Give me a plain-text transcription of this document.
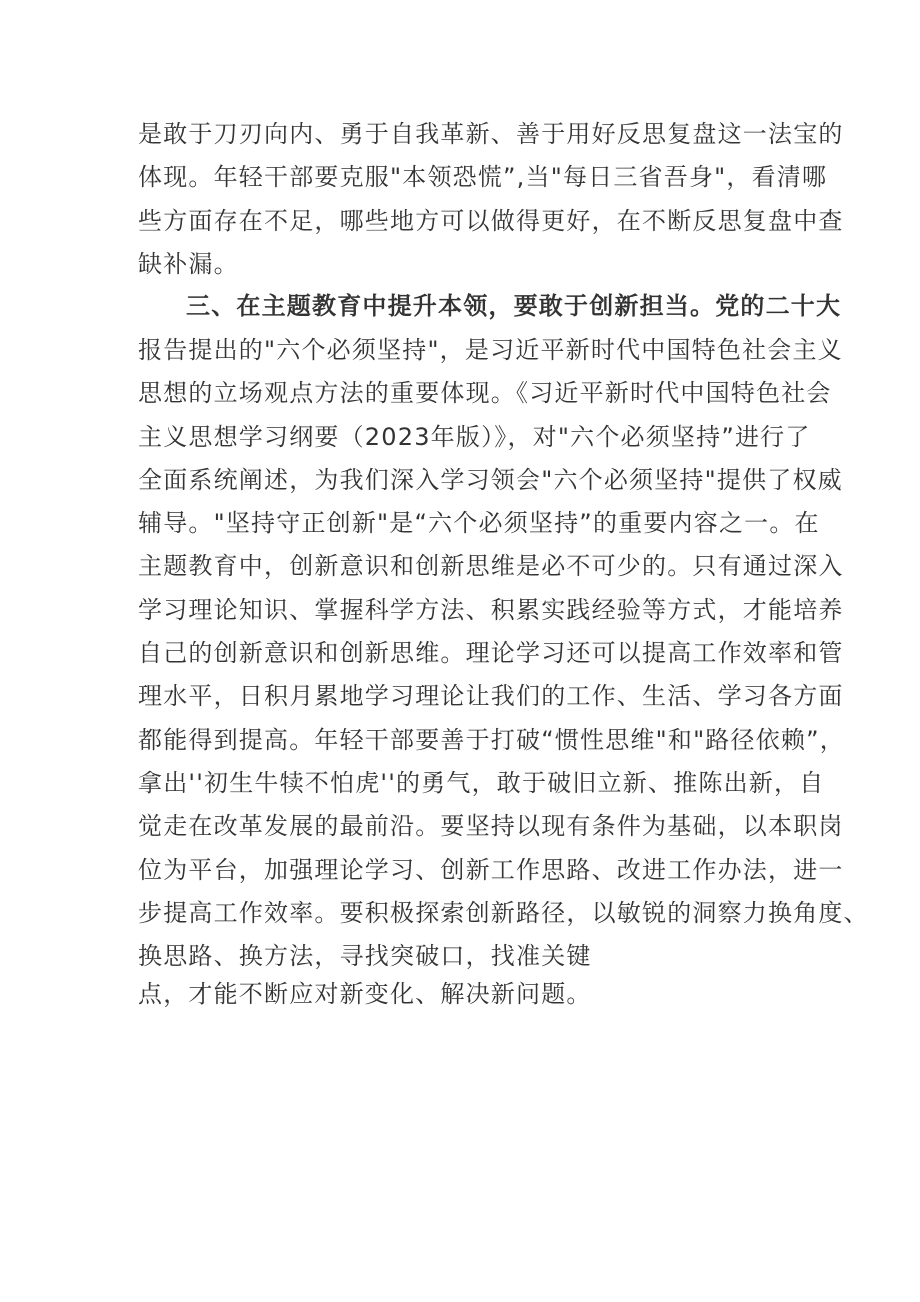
是敢于刀刃向内、勇于自我革新、善于用好反思复盘这一法宝的
体现。年轻干部要克服"本领恐慌”,当"每日三省吾身"，看清哪
些方面存在不足，哪些地方可以做得更好，在不断反思复盘中查
缺补漏。
三、在主题教育中提升本领，要敢于创新担当。党的二十大
报告提出的"六个必须坚持"，是习近平新时代中国特色社会主义
思想的立场观点方法的重要体现。《习近平新时代中国特色社会
主义思想学习纲要（2023年版）》，对"六个必须坚持”进行了
全面系统阐述，为我们深入学习领会"六个必须坚持"提供了权威
辅导。"坚持守正创新"是“六个必须坚持”的重要内容之一。在
主题教育中，创新意识和创新思维是必不可少的。只有通过深入
学习理论知识、掌握科学方法、积累实践经验等方式，才能培养
自己的创新意识和创新思维。理论学习还可以提高工作效率和管
理水平，日积月累地学习理论让我们的工作、生活、学习各方面
都能得到提高。年轻干部要善于打破“惯性思维"和"路径依赖”，
拿出''初生牛犊不怕虎''的勇气，敢于破旧立新、推陈出新，自
觉走在改革发展的最前沿。要坚持以现有条件为基础，以本职岗
位为平台，加强理论学习、创新工作思路、改进工作办法，进一
步提高工作效率。要积极探索创新路径，以敏锐的洞察力换角度、
换思路、换方法，寻找突破口，找准关键
点，才能不断应对新变化、解决新问题。
